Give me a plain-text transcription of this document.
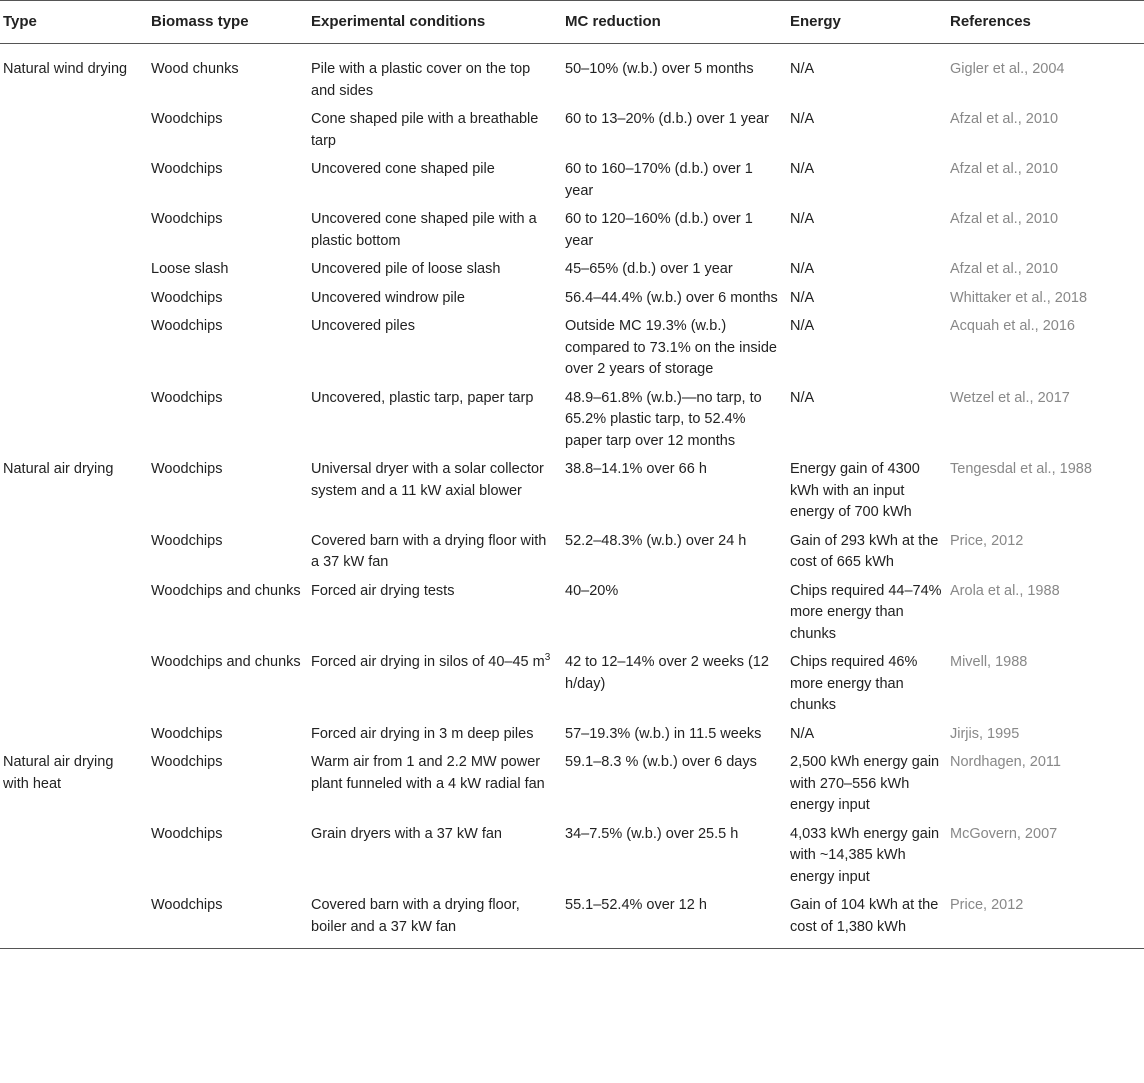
Type	Biomass type	Experimental conditions	MC reduction	Energy	References
Natural wind drying	Wood chunks	Pile with a plastic cover on the top and sides	50–10% (w.b.) over 5 months	N/A	Gigler et al., 2004
	Woodchips	Cone shaped pile with a breathable tarp	60 to 13–20% (d.b.) over 1 year	N/A	Afzal et al., 2010
	Woodchips	Uncovered cone shaped pile	60 to 160–170% (d.b.) over 1 year	N/A	Afzal et al., 2010
	Woodchips	Uncovered cone shaped pile with a plastic bottom	60 to 120–160% (d.b.) over 1 year	N/A	Afzal et al., 2010
	Loose slash	Uncovered pile of loose slash	45–65% (d.b.) over 1 year	N/A	Afzal et al., 2010
	Woodchips	Uncovered windrow pile	56.4–44.4% (w.b.) over 6 months	N/A	Whittaker et al., 2018
	Woodchips	Uncovered piles	Outside MC 19.3% (w.b.) compared to 73.1% on the inside over 2 years of storage	N/A	Acquah et al., 2016
	Woodchips	Uncovered, plastic tarp, paper tarp	48.9–61.8% (w.b.)—no tarp, to 65.2% plastic tarp, to 52.4% paper tarp over 12 months	N/A	Wetzel et al., 2017
Natural air drying	Woodchips	Universal dryer with a solar collector system and a 11 kW axial blower	38.8–14.1% over 66 h	Energy gain of 4300 kWh with an input energy of 700 kWh	Tengesdal et al., 1988
	Woodchips	Covered barn with a drying floor with a 37 kW fan	52.2–48.3% (w.b.) over 24 h	Gain of 293 kWh at the cost of 665 kWh	Price, 2012
	Woodchips and chunks	Forced air drying tests	40–20%	Chips required 44–74% more energy than chunks	Arola et al., 1988
	Woodchips and chunks	Forced air drying in silos of 40–45 $m^3$	42 to 12–14% over 2 weeks (12 h/day)	Chips required 46% more energy than chunks	Mivell, 1988
	Woodchips	Forced air drying in 3 m deep piles	57–19.3% (w.b.) in 11.5 weeks	N/A	Jirjis, 1995
Natural air drying with heat	Woodchips	Warm air from 1 and 2.2 MW power plant funneled with a 4 kW radial fan	59.1–8.3 % (w.b.) over 6 days	2,500 kWh energy gain with 270–556 kWh energy input	Nordhagen, 2011
	Woodchips	Grain dryers with a 37 kW fan	34–7.5% (w.b.) over 25.5 h	4,033 kWh energy gain with ~14,385 kWh energy input	McGovern, 2007
	Woodchips	Covered barn with a drying floor, boiler and a 37 kW fan	55.1–52.4% over 12 h	Gain of 104 kWh at the cost of 1,380 kWh	Price, 2012
